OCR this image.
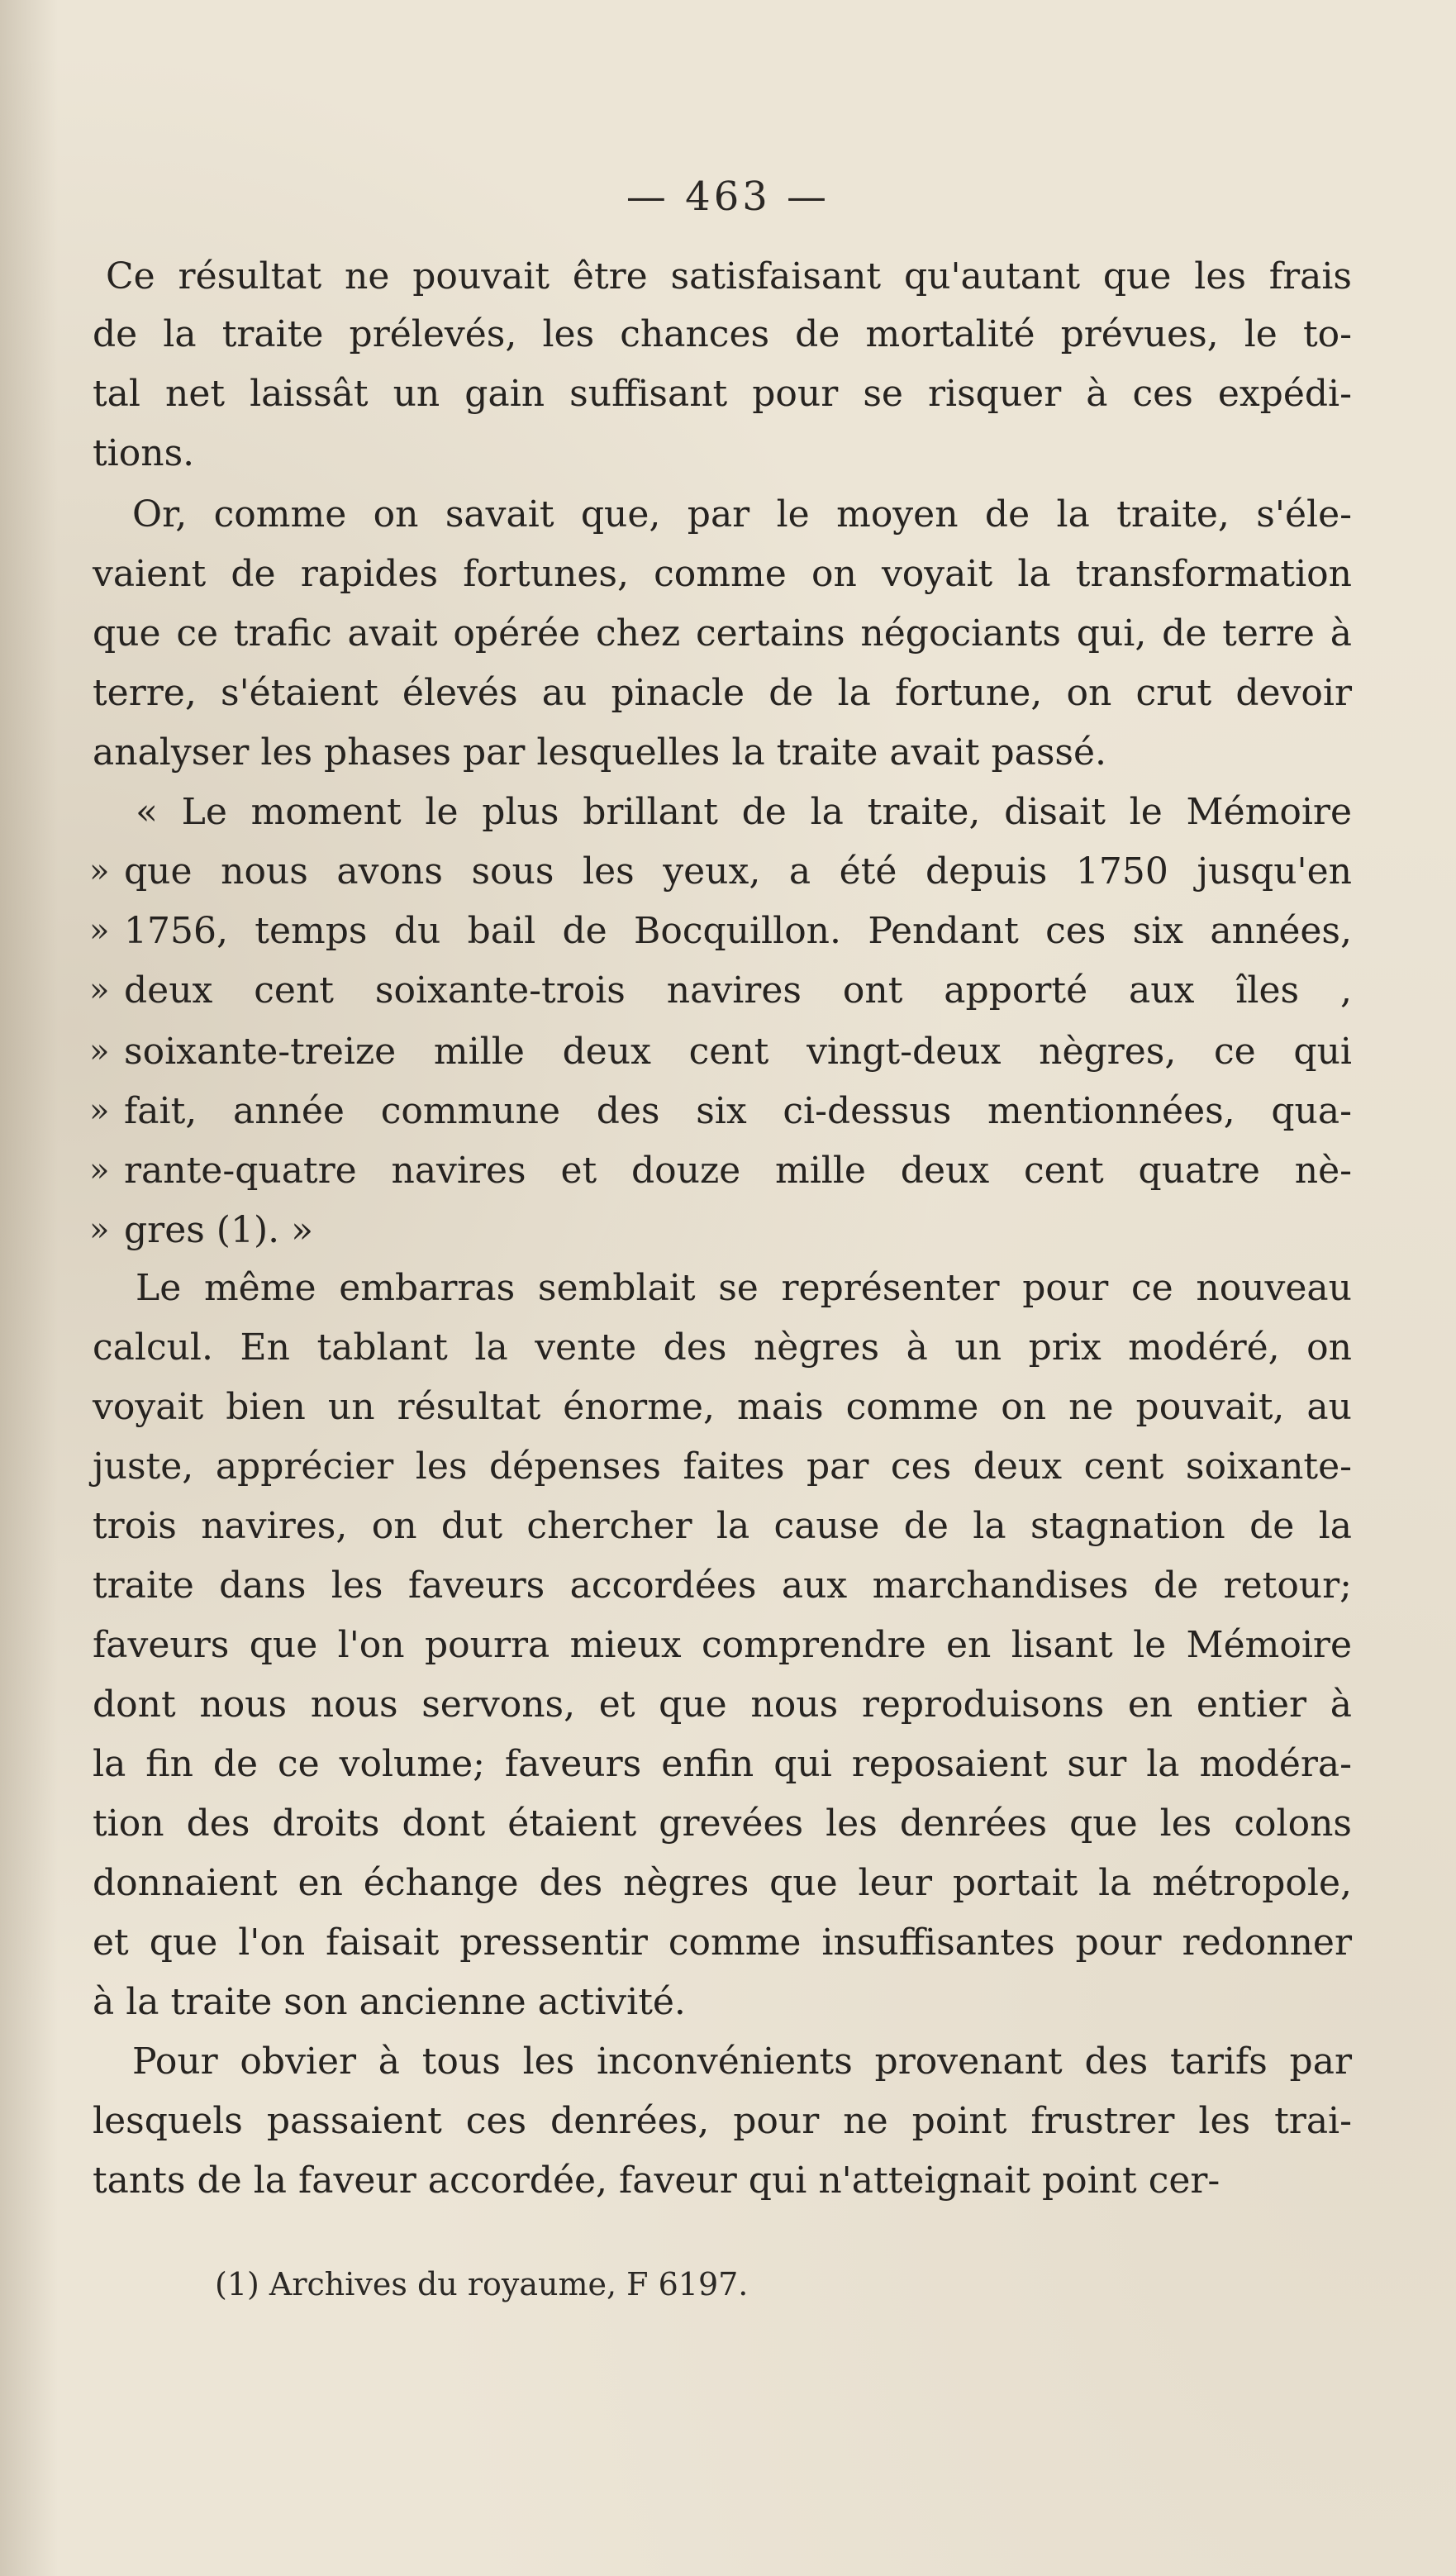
— 463 —
Ce résultat ne pouvait être satisfaisant qu'autant que les frais
de la traite prélevés, les chances de mortalité prévues, le to-
tal net laissât un gain suffisant pour se risquer à ces expédi-
tions.
Or, comme on savait que, par le moyen de la traite, s'éle-
vaient de rapides fortunes, comme on voyait la transformation
que ce trafic avait opérée chez certains négociants qui, de terre à
terre, s'étaient élevés au pinacle de la fortune, on crut devoir
analyser les phases par lesquelles la traite avait passé.
« Le moment le plus brillant de la traite, disait le Mémoire
» que nous avons sous les yeux, a été depuis 1750 jusqu'en
» 1756, temps du bail de Bocquillon. Pendant ces six années,
» deux cent soixante-trois navires ont apporté aux îles ,
» soixante-treize mille deux cent vingt-deux nègres, ce qui
» fait, année commune des six ci-dessus mentionnées, qua-
» rante-quatre navires et douze mille deux cent quatre nè-
» gres (1). »
Le même embarras semblait se représenter pour ce nouveau
calcul. En tablant la vente des nègres à un prix modéré, on
voyait bien un résultat énorme, mais comme on ne pouvait, au
juste, apprécier les dépenses faites par ces deux cent soixante-
trois navires, on dut chercher la cause de la stagnation de la
traite dans les faveurs accordées aux marchandises de retour;
faveurs que l'on pourra mieux comprendre en lisant le Mémoire
dont nous nous servons, et que nous reproduisons en entier à
la fin de ce volume; faveurs enfin qui reposaient sur la modéra-
tion des droits dont étaient grevées les denrées que les colons
donnaient en échange des nègres que leur portait la métropole,
et que l'on faisait pressentir comme insuffisantes pour redonner
à la traite son ancienne activité.
Pour obvier à tous les inconvénients provenant des tarifs par
lesquels passaient ces denrées, pour ne point frustrer les trai-
tants de la faveur accordée, faveur qui n'atteignait point cer-
(1) Archives du royaume, F 6197.
